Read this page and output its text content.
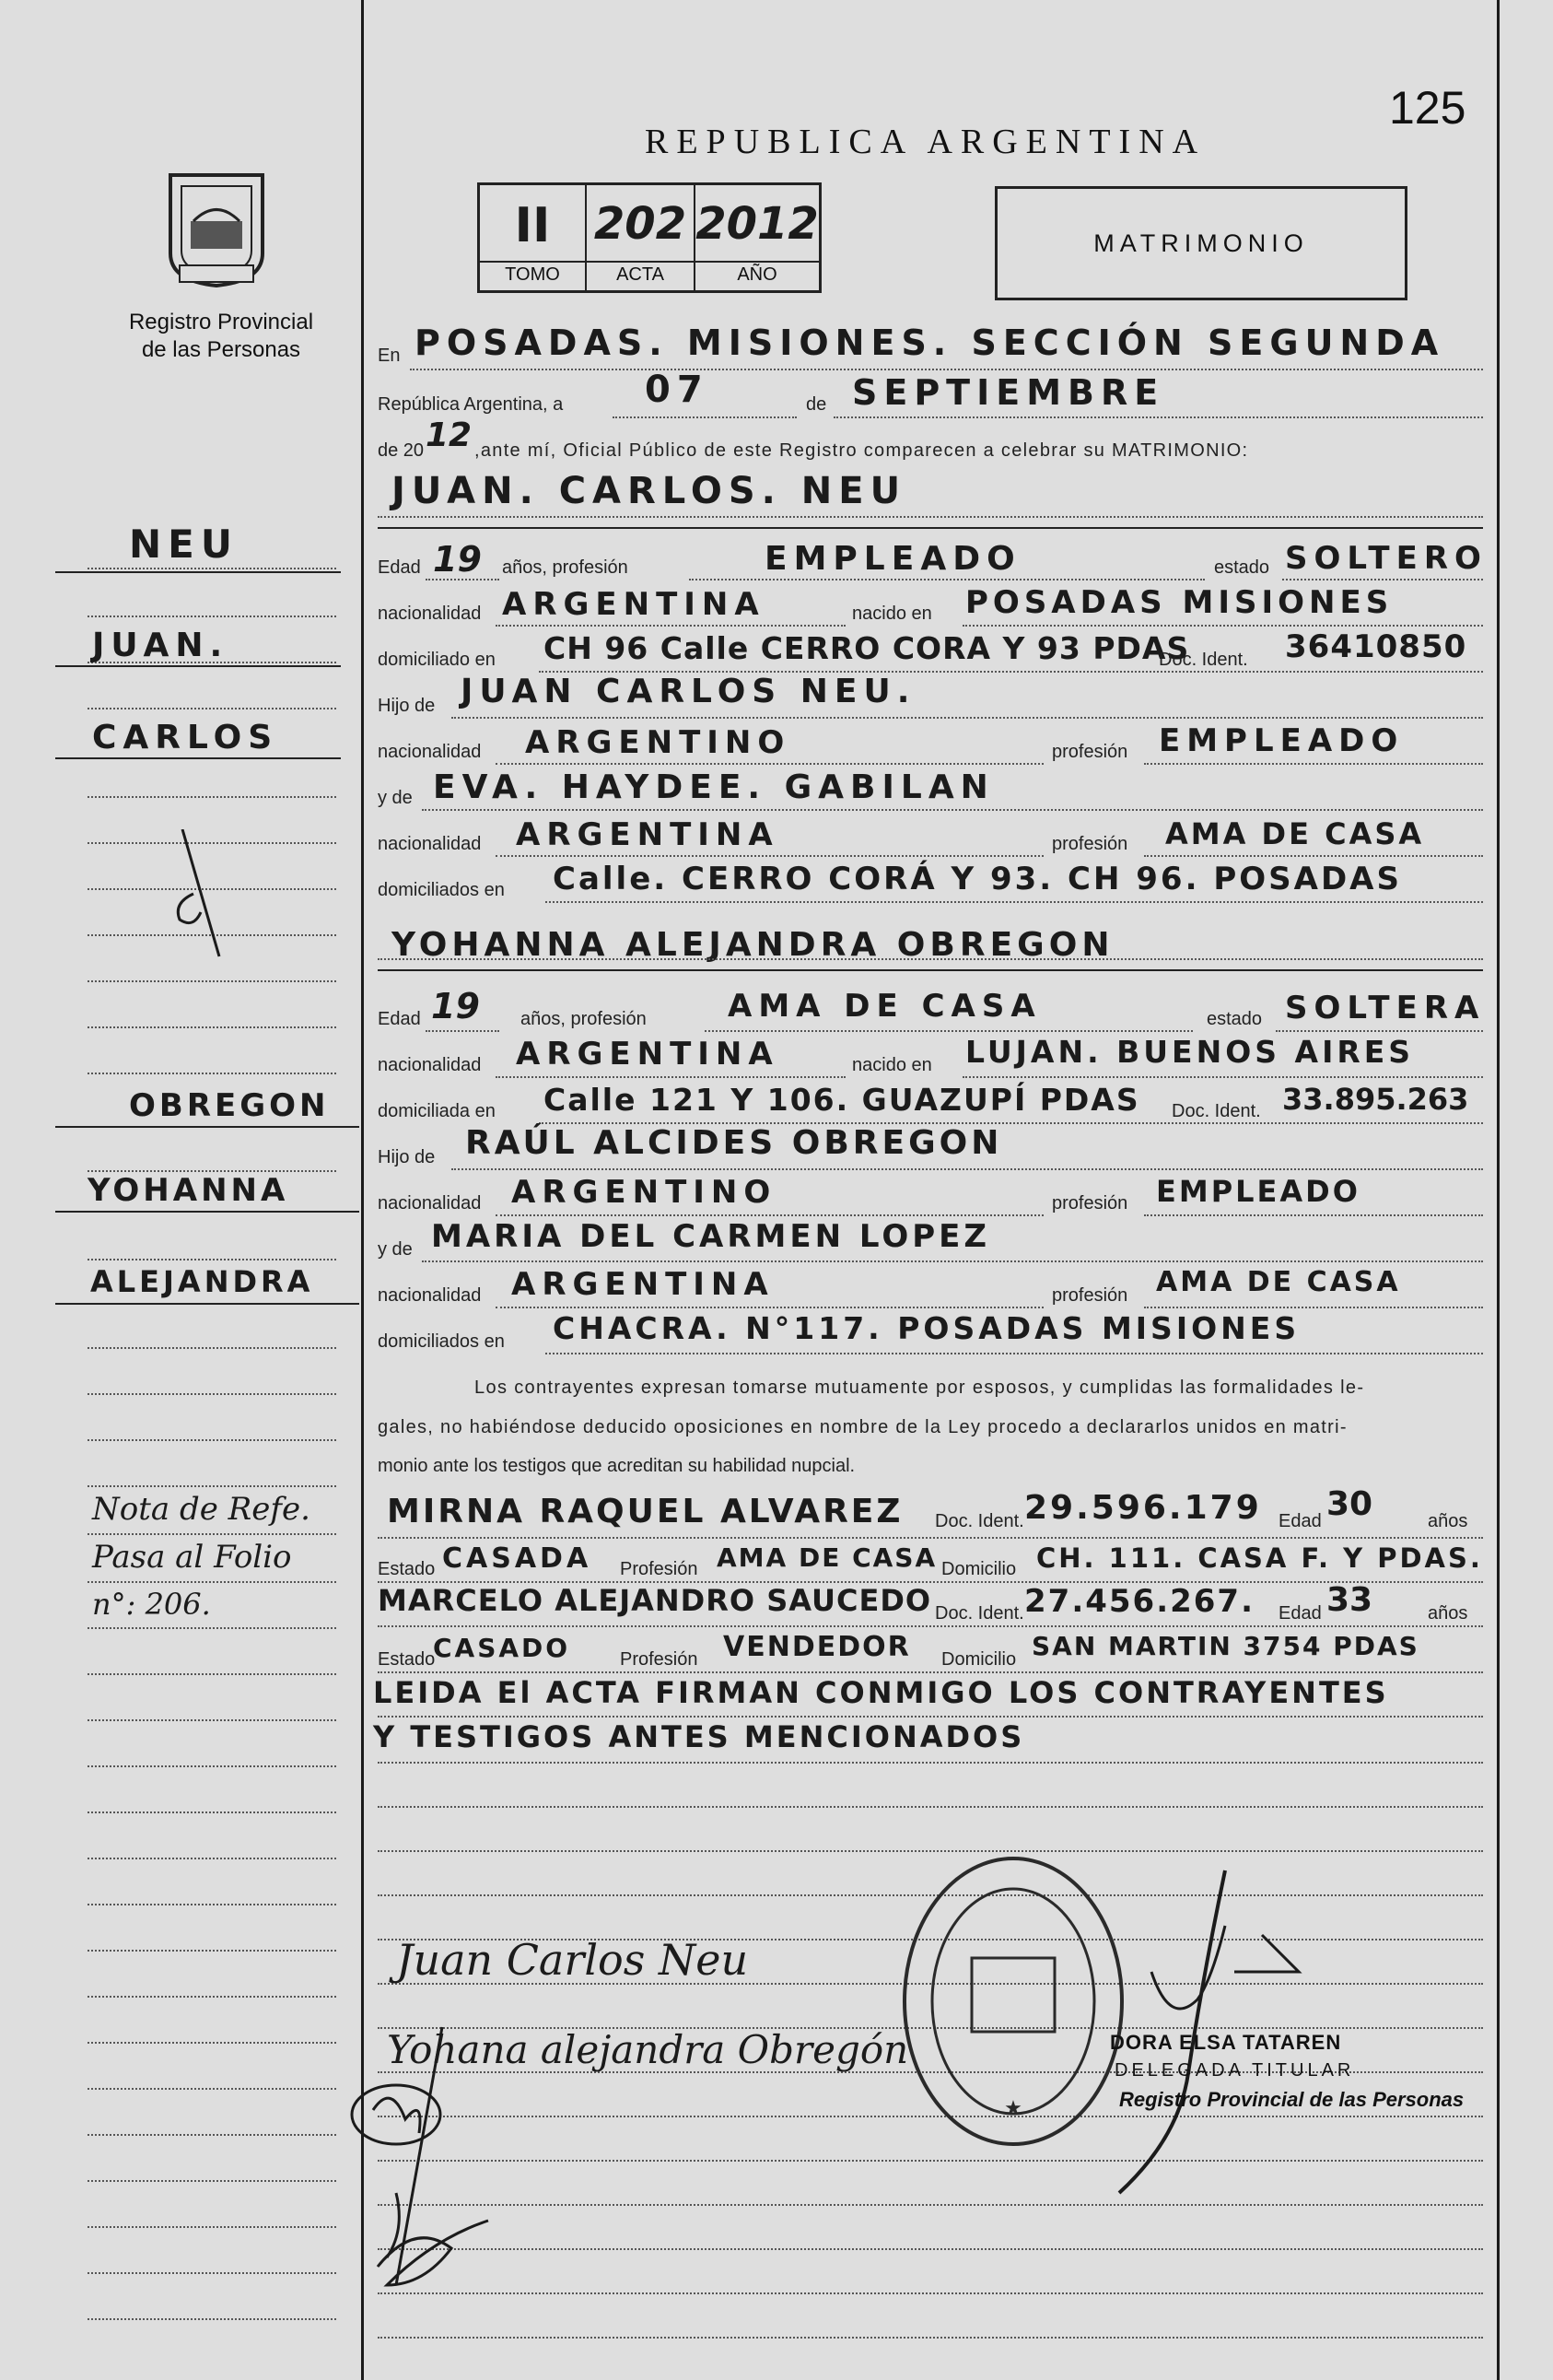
125
REPUBLICA ARGENTINA
Registro Provincial
de las Personas
II 202 2012
TOMO	ACTA	AÑO
MATRIMONIO
En POSADAS. MISIONES. SECCIÓN SEGUNDA
República Argentina, a 07	de SEPTIEMBRE
de 20 12 ,ante mí, Oficial Público de este Registro comparecen a celebrar su MATRIMONIO:
JUAN. CARLOS. NEU
Edad 19 años, profesión	EMPLEADO	estado SOLTERO
nacionalidad ARGENTINA	nacido en POSADAS MISIONES
domiciliado en CH 96 Calle CERRO CORA Y 93 PDAS
Doc. Ident. 36410850
Hijo de JUAN CARLOS NEU.
nacionalidad ARGENTINO	profesión EMPLEADO
y de EVA. HAYDEE. GABILAN
nacionalidad ARGENTINA	profesión AMA DE CASA
domiciliados en Calle. CERRO CORÁ Y 93. CH 96. POSADAS
YOHANNA ALEJANDRA OBREGON
Edad 19 años, profesión	AMA DE CASA	estado SOLTERA
nacionalidad ARGENTINA	nacido en LUJAN. BUENOS AIRES
domiciliada en Calle 121 Y 106. GUAZUPÍ PDAS Doc. Ident. 33.895.263
Hijo de RAÚL ALCIDES OBREGON
nacionalidad ARGENTINO	profesión EMPLEADO
y de MARIA DEL CARMEN LOPEZ
nacionalidad ARGENTINA	profesión AMA DE CASA
domiciliados en CHACRA. N°117. POSADAS MISIONES
Los contrayentes expresan tomarse mutuamente por esposos, y cumplidas las formalidades le-
gales, no habiéndose deducido oposiciones en nombre de la Ley procedo a declararlos unidos en matri-
monio ante los testigos que acreditan su habilidad nupcial.
MIRNA RAQUEL ALVAREZ Doc. Ident. 29.596.179 Edad 30	años
Estado CASADA Profesión AMA DE CASA Domicilio CH. 111. CASA F. Y PDAS.
MARCELO ALEJANDRO SAUCEDO Doc. Ident. 27.456.267. Edad 33	años
Estado
CASADO	Profesión VENDEDOR Domicilio SAN MARTIN 3754 PDAS
LEIDA El ACTA FIRMAN CONMIGO LOS CONTRAYENTES
Y TESTIGOS ANTES MENCIONADOS
NEU
JUAN.
CARLOS
OBREGON
YOHANNA
ALEJANDRA
Nota de Refe.
Pasa al Folio
n°: 206.
Juan Carlos Neu
Yohana alejandra Obregón
★
DORA ELSA TATAREN
DELEGADA TITULAR
Registro Provincial de las Personas
